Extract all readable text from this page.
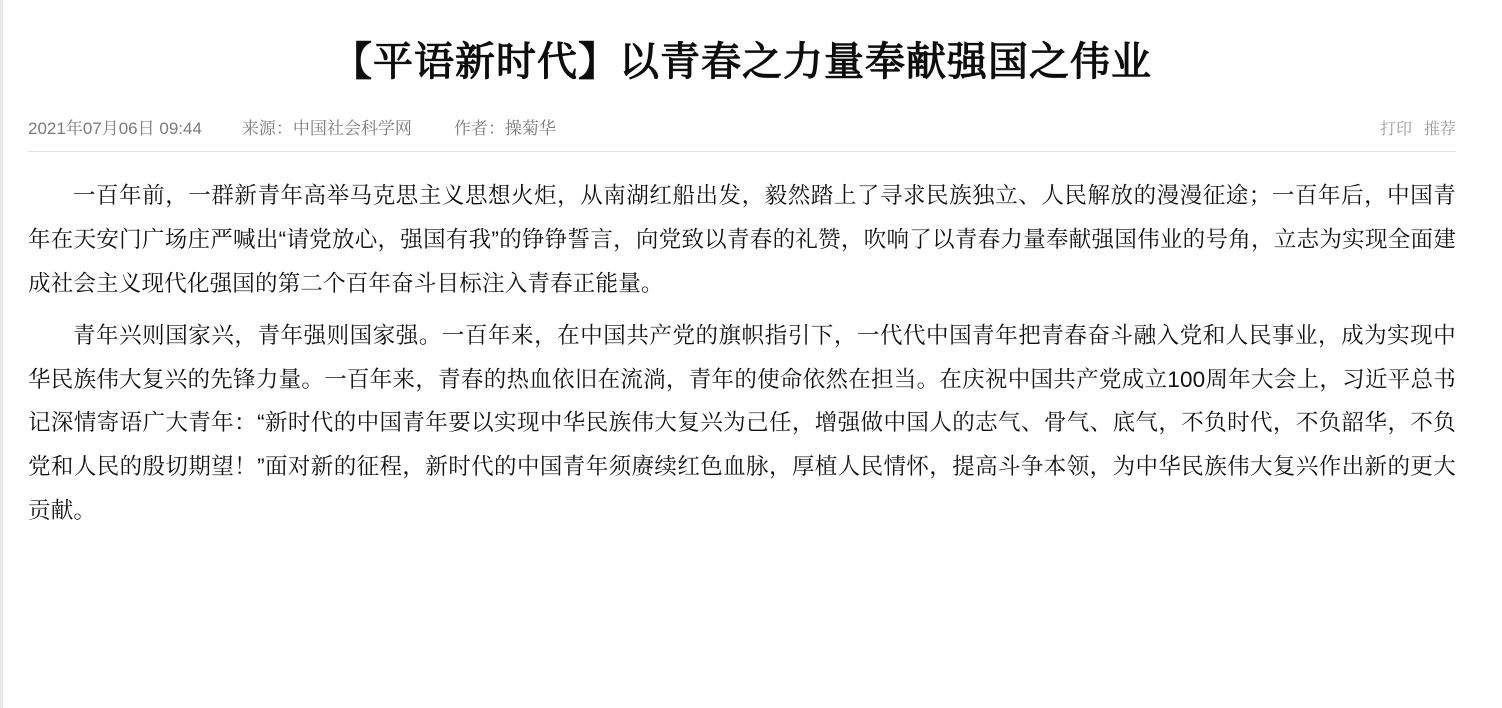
【平语新时代】以青春之力量奉献强国之伟业
2021年07月06日 09:44 来源：中国社会科学网 作者：操菊华	打印 推荐

一百年前，一群新青年高举马克思主义思想火炬，从南湖红船出发，毅然踏上了寻求民族独立、人民解放的漫漫征途；一百年后，中国青年在天安门广场庄严喊出“请党放心，强国有我”的铮铮誓言，向党致以青春的礼赞，吹响了以青春力量奉献强国伟业的号角，立志为实现全面建成社会主义现代化强国的第二个百年奋斗目标注入青春正能量。

青年兴则国家兴，青年强则国家强。一百年来，在中国共产党的旗帜指引下，一代代中国青年把青春奋斗融入党和人民事业，成为实现中华民族伟大复兴的先锋力量。一百年来，青春的热血依旧在流淌，青年的使命依然在担当。在庆祝中国共产党成立100周年大会上，习近平总书记深情寄语广大青年：“新时代的中国青年要以实现中华民族伟大复兴为己任，增强做中国人的志气、骨气、底气，不负时代，不负韶华，不负党和人民的殷切期望！”面对新的征程，新时代的中国青年须赓续红色血脉，厚植人民情怀，提高斗争本领，为中华民族伟大复兴作出新的更大贡献。
